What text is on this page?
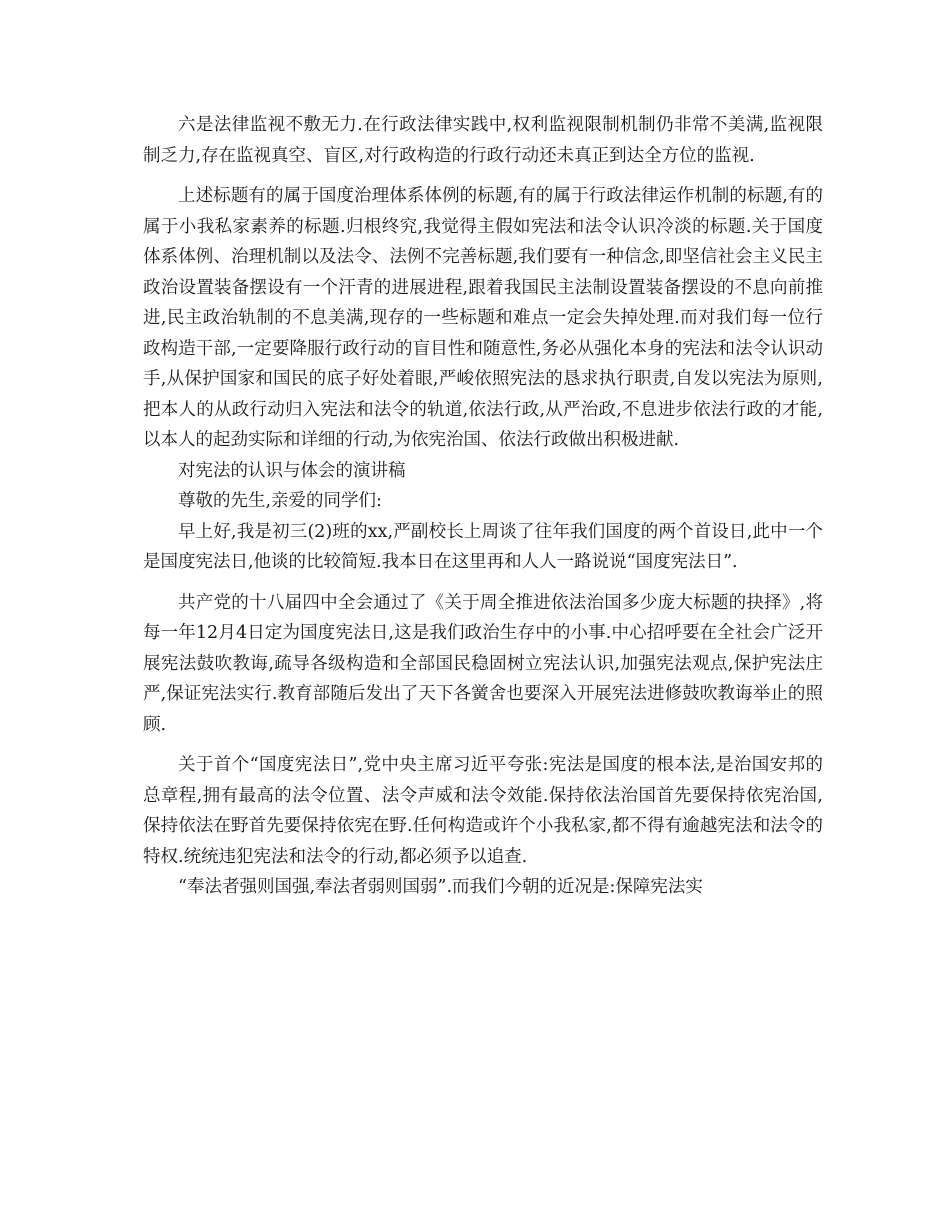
六是法律监视不敷无力.在行政法律实践中,权利监视限制机制仍非常不美满,监视限制乏力,存在监视真空、盲区,对行政构造的行政行动还未真正到达全方位的监视.

上述标题有的属于国度治理体系体例的标题,有的属于行政法律运作机制的标题,有的属于小我私家素养的标题.归根终究,我觉得主假如宪法和法令认识冷淡的标题.关于国度体系体例、治理机制以及法令、法例不完善标题,我们要有一种信念,即坚信社会主义民主政治设置装备摆设有一个汗青的进展进程,跟着我国民主法制设置装备摆设的不息向前推进,民主政治轨制的不息美满,现存的一些标题和难点一定会失掉处理.而对我们每一位行政构造干部,一定要降服行政行动的盲目性和随意性,务必从强化本身的宪法和法令认识动手,从保护国家和国民的底子好处着眼,严峻依照宪法的恳求执行职责,自发以宪法为原则,把本人的从政行动归入宪法和法令的轨道,依法行政,从严治政,不息进步依法行政的才能,以本人的起劲实际和详细的行动,为依宪治国、依法行政做出积极进献.

对宪法的认识与体会的演讲稿

尊敬的先生,亲爱的同学们:

早上好,我是初三(2)班的xx,严副校长上周谈了往年我们国度的两个首设日,此中一个是国度宪法日,他谈的比较简短.我本日在这里再和人人一路说说“国度宪法日”.

共产党的十八届四中全会通过了《关于周全推进依法治国多少庞大标题的抉择》,将每一年12月4日定为国度宪法日,这是我们政治生存中的小事.中心招呼要在全社会广泛开展宪法鼓吹教诲,疏导各级构造和全部国民稳固树立宪法认识,加强宪法观点,保护宪法庄严,保证宪法实行.教育部随后发出了天下各黉舍也要深入开展宪法进修鼓吹教诲举止的照顾.

关于首个“国度宪法日”,党中央主席习近平夸张:宪法是国度的根本法,是治国安邦的总章程,拥有最高的法令位置、法令声威和法令效能.保持依法治国首先要保持依宪治国,保持依法在野首先要保持依宪在野.任何构造或许个小我私家,都不得有逾越宪法和法令的特权.统统违犯宪法和法令的行动,都必须予以追查.

“奉法者强则国强,奉法者弱则国弱”.而我们今朝的近况是:保障宪法实
